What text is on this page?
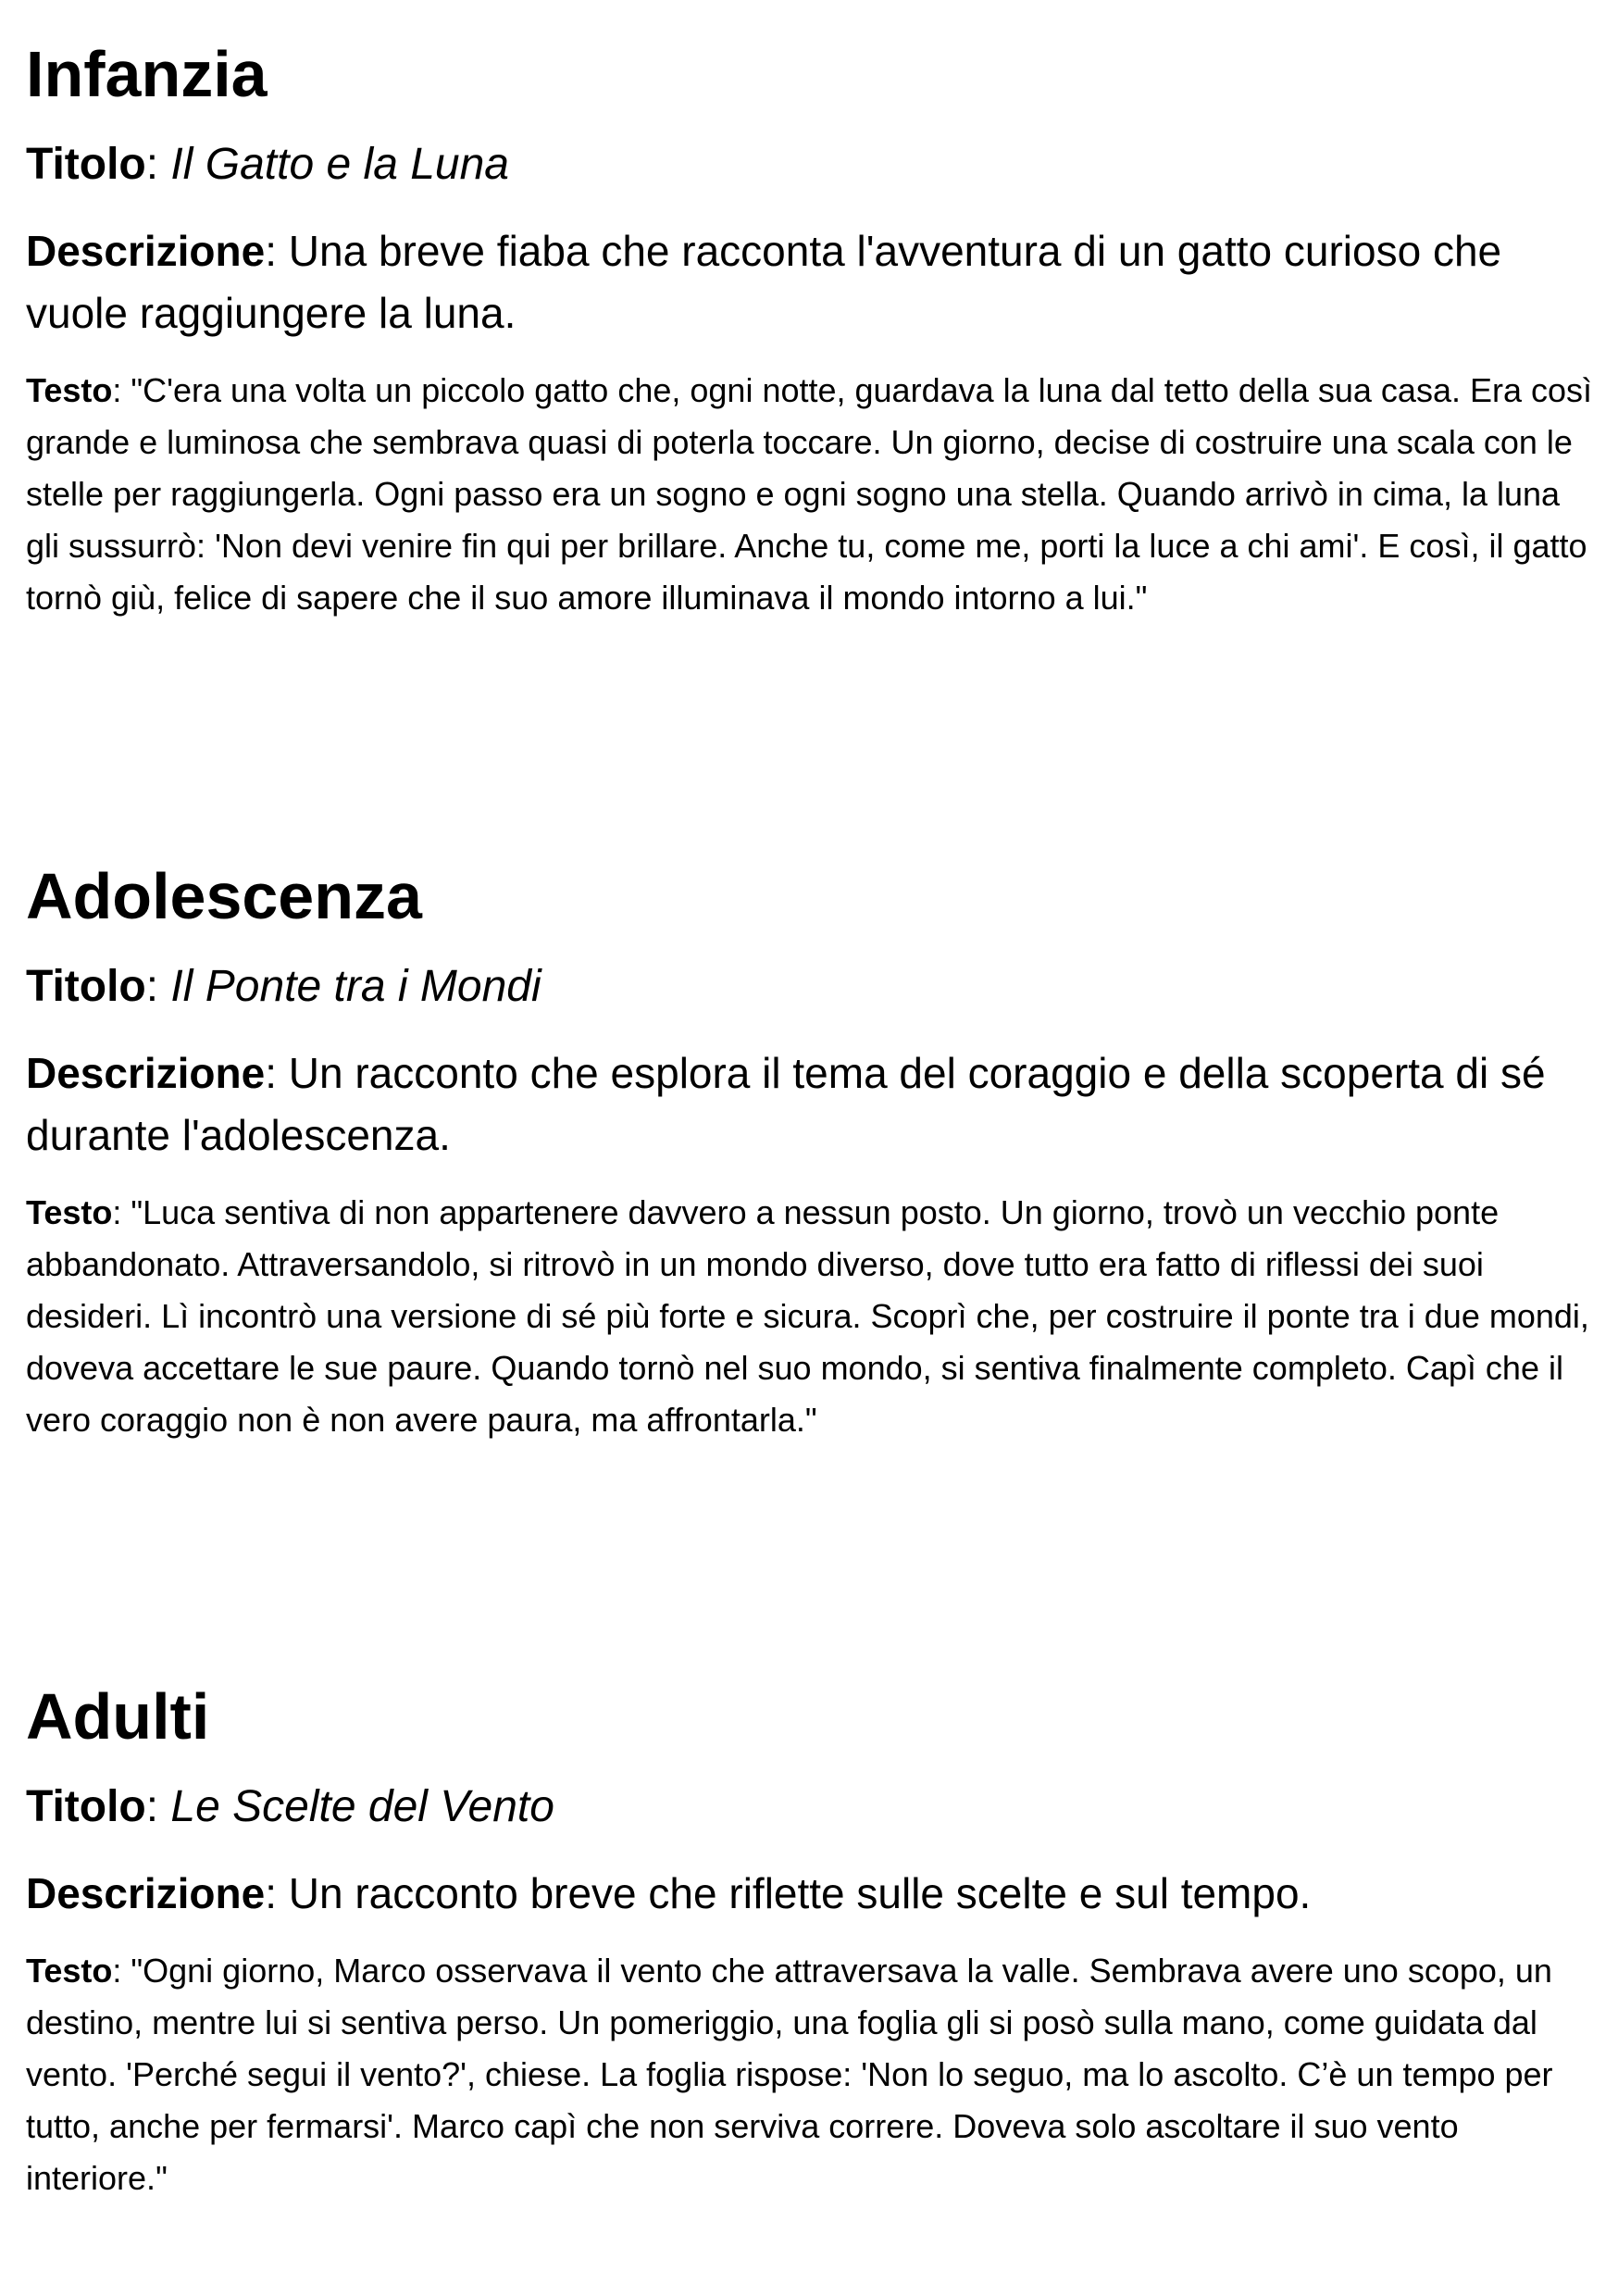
Infanzia

Titolo: Il Gatto e la Luna

Descrizione: Una breve fiaba che racconta l'avventura di un gatto curioso che vuole raggiungere la luna.

Testo: "C'era una volta un piccolo gatto che, ogni notte, guardava la luna dal tetto della sua casa. Era così grande e luminosa che sembrava quasi di poterla toccare. Un giorno, decise di costruire una scala con le stelle per raggiungerla. Ogni passo era un sogno e ogni sogno una stella. Quando arrivò in cima, la luna gli sussurrò: 'Non devi venire fin qui per brillare. Anche tu, come me, porti la luce a chi ami'. E così, il gatto tornò giù, felice di sapere che il suo amore illuminava il mondo intorno a lui."

Adolescenza

Titolo: Il Ponte tra i Mondi

Descrizione: Un racconto che esplora il tema del coraggio e della scoperta di sé durante l'adolescenza.

Testo: "Luca sentiva di non appartenere davvero a nessun posto. Un giorno, trovò un vecchio ponte abbandonato. Attraversandolo, si ritrovò in un mondo diverso, dove tutto era fatto di riflessi dei suoi desideri. Lì incontrò una versione di sé più forte e sicura. Scoprì che, per costruire il ponte tra i due mondi, doveva accettare le sue paure. Quando tornò nel suo mondo, si sentiva finalmente completo. Capì che il vero coraggio non è non avere paura, ma affrontarla."

Adulti

Titolo: Le Scelte del Vento

Descrizione: Un racconto breve che riflette sulle scelte e sul tempo.

Testo: "Ogni giorno, Marco osservava il vento che attraversava la valle. Sembrava avere uno scopo, un destino, mentre lui si sentiva perso. Un pomeriggio, una foglia gli si posò sulla mano, come guidata dal vento. 'Perché segui il vento?', chiese. La foglia rispose: 'Non lo seguo, ma lo ascolto. C’è un tempo per tutto, anche per fermarsi'. Marco capì che non serviva correre. Doveva solo ascoltare il suo vento interiore."
